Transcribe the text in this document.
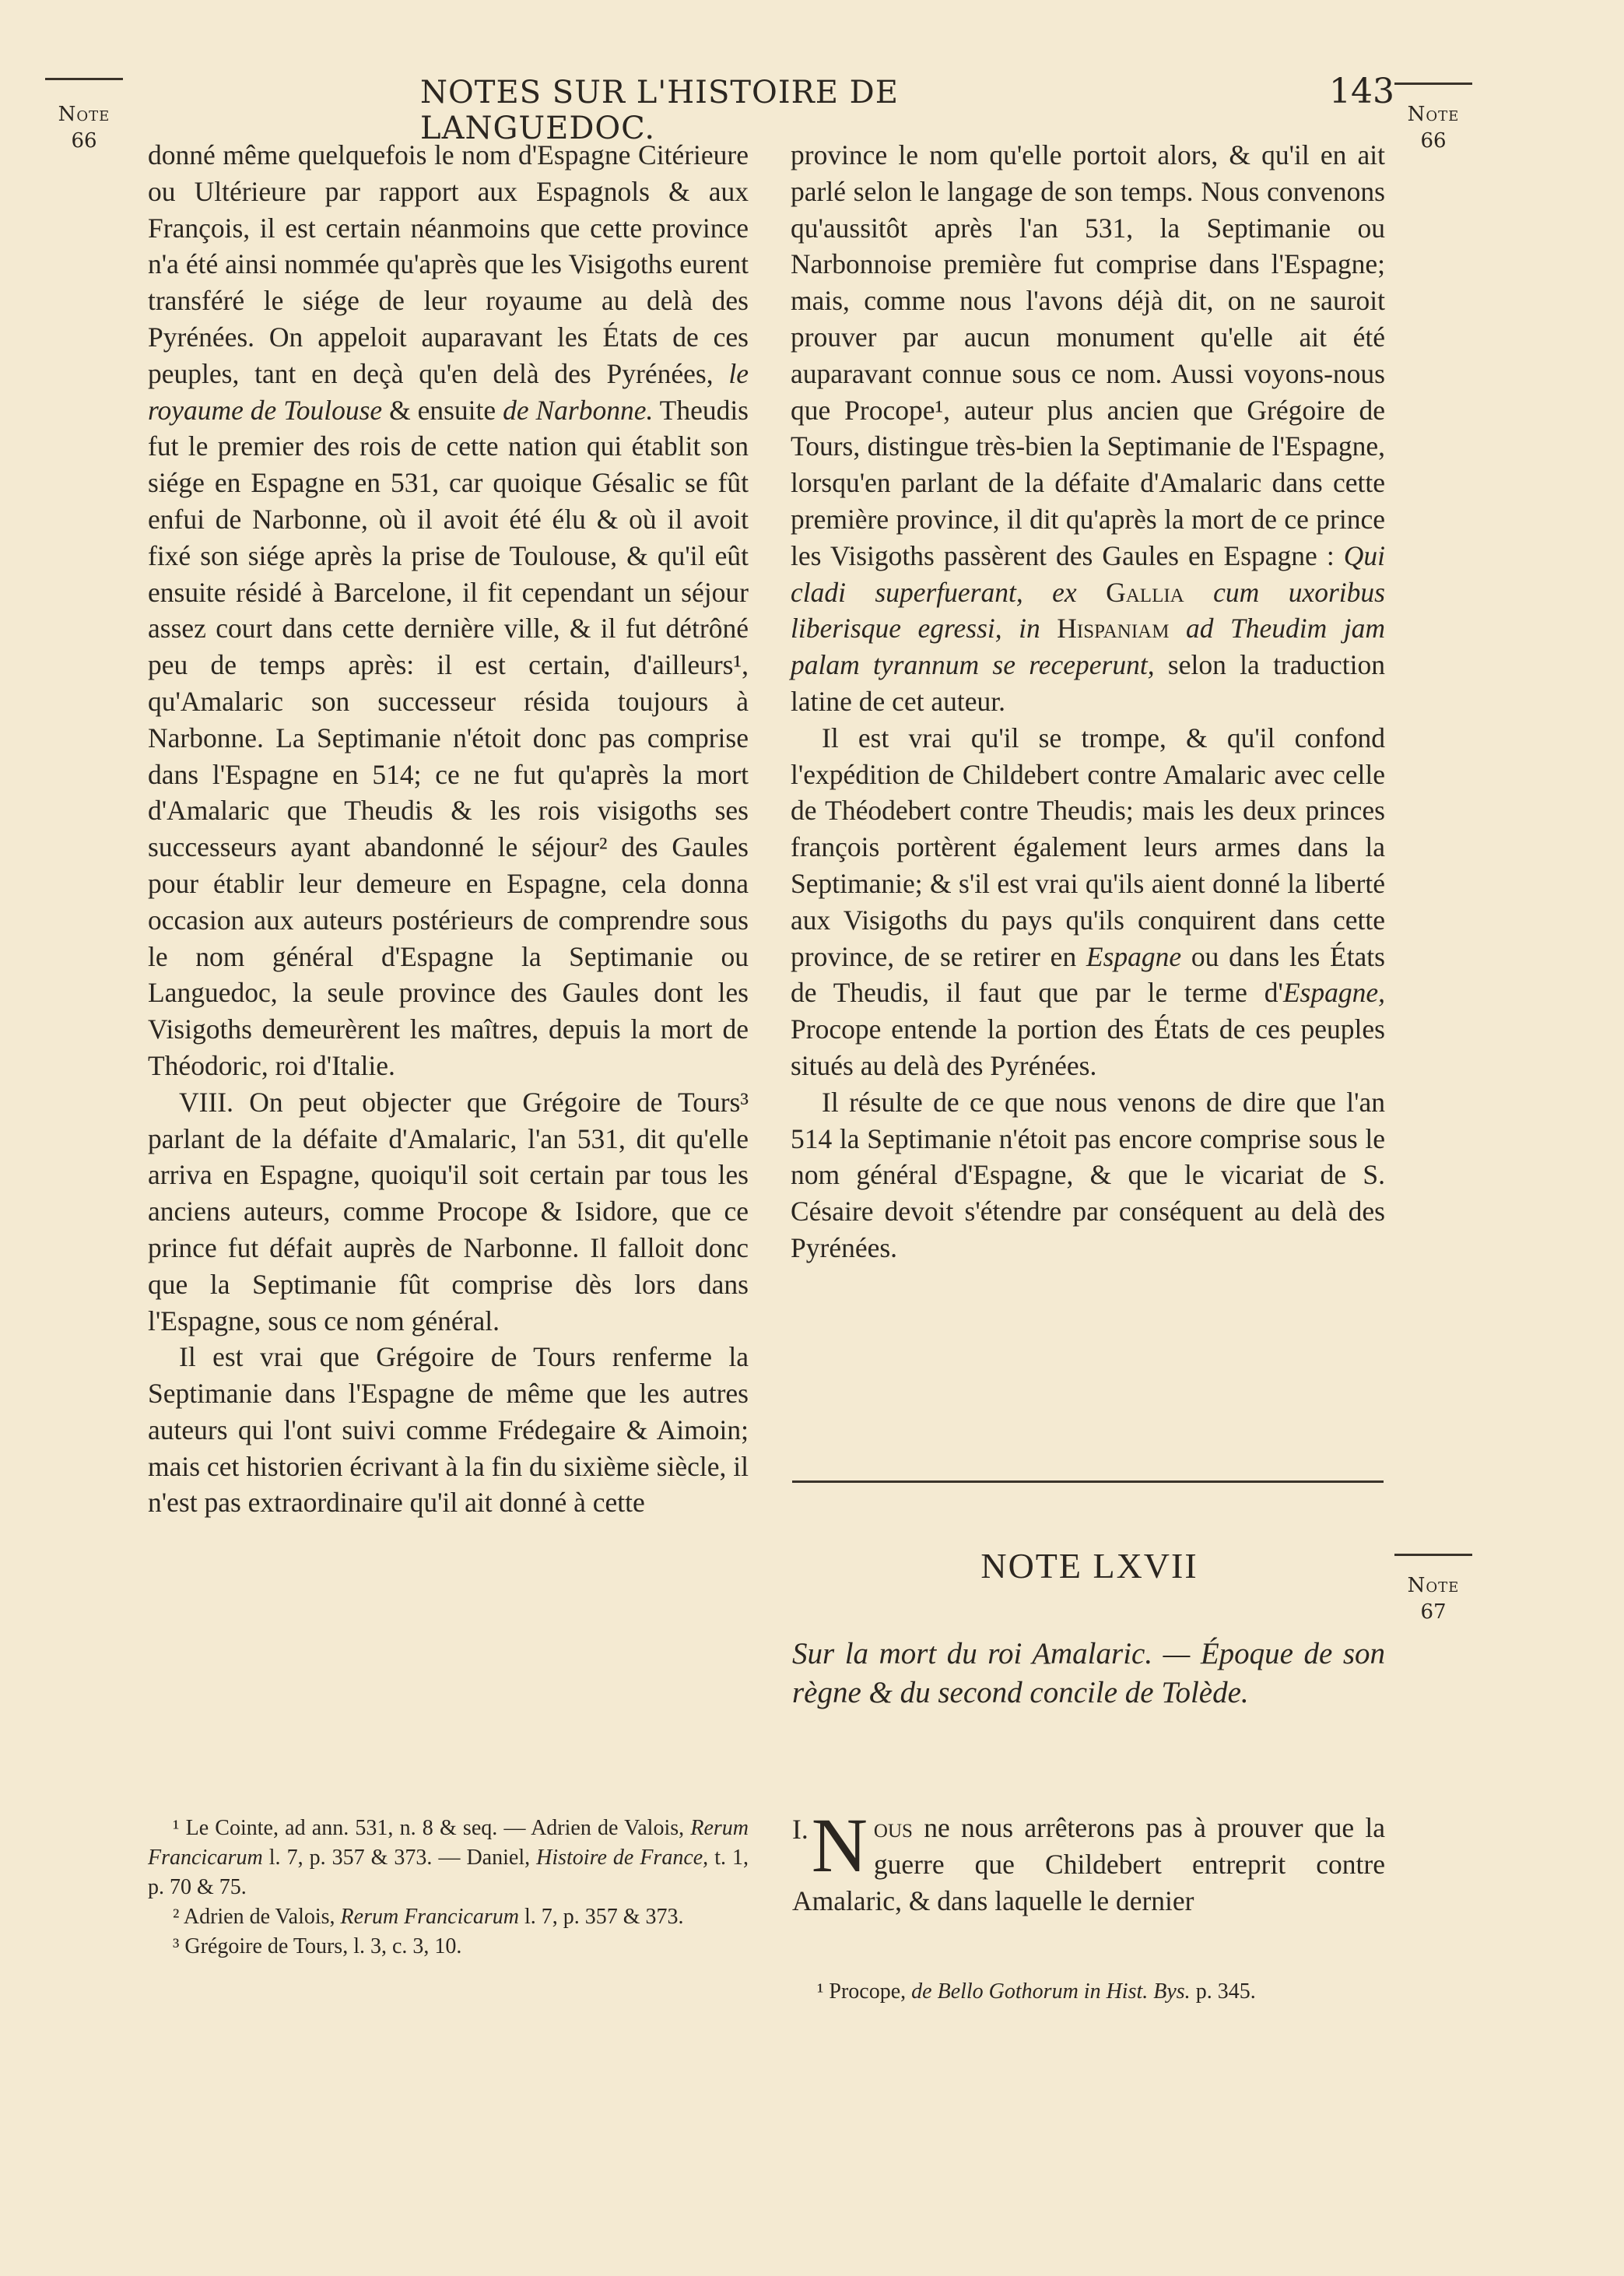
Note
66
NOTES SUR L'HISTOIRE DE LANGUEDOC.
143
Note
66
Note
67

donné même quelquefois le nom d'Espagne Citérieure ou Ultérieure par rapport aux Espagnols & aux François, il est certain néanmoins que cette province n'a été ainsi nommée qu'après que les Visigoths eurent transféré le siége de leur royaume au delà des Pyrénées. On appeloit auparavant les États de ces peuples, tant en deçà qu'en delà des Pyrénées, le royaume de Toulouse & ensuite de Narbonne. Theudis fut le premier des rois de cette nation qui établit son siége en Espagne en 531, car quoique Gésalic se fût enfui de Narbonne, où il avoit été élu & où il avoit fixé son siége après la prise de Toulouse, & qu'il eût ensuite résidé à Barcelone, il fit cependant un séjour assez court dans cette dernière ville, & il fut détrôné peu de temps après: il est certain, d'ailleurs¹, qu'Amalaric son successeur résida toujours à Narbonne. La Septimanie n'étoit donc pas comprise dans l'Espagne en 514; ce ne fut qu'après la mort d'Amalaric que Theudis & les rois visigoths ses successeurs ayant abandonné le séjour² des Gaules pour établir leur demeure en Espagne, cela donna occasion aux auteurs postérieurs de comprendre sous le nom général d'Espagne la Septimanie ou Languedoc, la seule province des Gaules dont les Visigoths demeurèrent les maîtres, depuis la mort de Théodoric, roi d'Italie.

VIII. On peut objecter que Grégoire de Tours³ parlant de la défaite d'Amalaric, l'an 531, dit qu'elle arriva en Espagne, quoiqu'il soit certain par tous les anciens auteurs, comme Procope & Isidore, que ce prince fut défait auprès de Narbonne. Il falloit donc que la Septimanie fût comprise dès lors dans l'Espagne, sous ce nom général.

Il est vrai que Grégoire de Tours renferme la Septimanie dans l'Espagne de même que les autres auteurs qui l'ont suivi comme Frédegaire & Aimoin; mais cet historien écrivant à la fin du sixième siècle, il n'est pas extraordinaire qu'il ait donné à cette

¹ Le Cointe, ad ann. 531, n. 8 & seq. — Adrien de Valois, Rerum Francicarum l. 7, p. 357 & 373. — Daniel, Histoire de France, t. 1, p. 70 & 75.

² Adrien de Valois, Rerum Francicarum l. 7, p. 357 & 373.

³ Grégoire de Tours, l. 3, c. 3, 10.

province le nom qu'elle portoit alors, & qu'il en ait parlé selon le langage de son temps. Nous convenons qu'aussitôt après l'an 531, la Septimanie ou Narbonnoise première fut comprise dans l'Espagne; mais, comme nous l'avons déjà dit, on ne sauroit prouver par aucun monument qu'elle ait été auparavant connue sous ce nom. Aussi voyons-nous que Procope¹, auteur plus ancien que Grégoire de Tours, distingue très-bien la Septimanie de l'Espagne, lorsqu'en parlant de la défaite d'Amalaric dans cette première province, il dit qu'après la mort de ce prince les Visigoths passèrent des Gaules en Espagne : Qui cladi superfuerant, ex Gallia cum uxoribus liberisque egressi, in Hispaniam ad Theudim jam palam tyrannum se receperunt, selon la traduction latine de cet auteur.

Il est vrai qu'il se trompe, & qu'il confond l'expédition de Childebert contre Amalaric avec celle de Théodebert contre Theudis; mais les deux princes françois portèrent également leurs armes dans la Septimanie; & s'il est vrai qu'ils aient donné la liberté aux Visigoths du pays qu'ils conquirent dans cette province, de se retirer en Espagne ou dans les États de Theudis, il faut que par le terme d'Espagne, Procope entende la portion des États de ces peuples situés au delà des Pyrénées.

Il résulte de ce que nous venons de dire que l'an 514 la Septimanie n'étoit pas encore comprise sous le nom général d'Espagne, & que le vicariat de S. Césaire devoit s'étendre par conséquent au delà des Pyrénées.

NOTE LXVII
Sur la mort du roi Amalaric. — Époque de son règne & du second concile de Tolède.
I. N ous ne nous arrêterons pas à prouver que la guerre que Childebert entreprit contre Amalaric, & dans laquelle le dernier

¹ Procope, de Bello Gothorum in Hist. Bys. p. 345.
